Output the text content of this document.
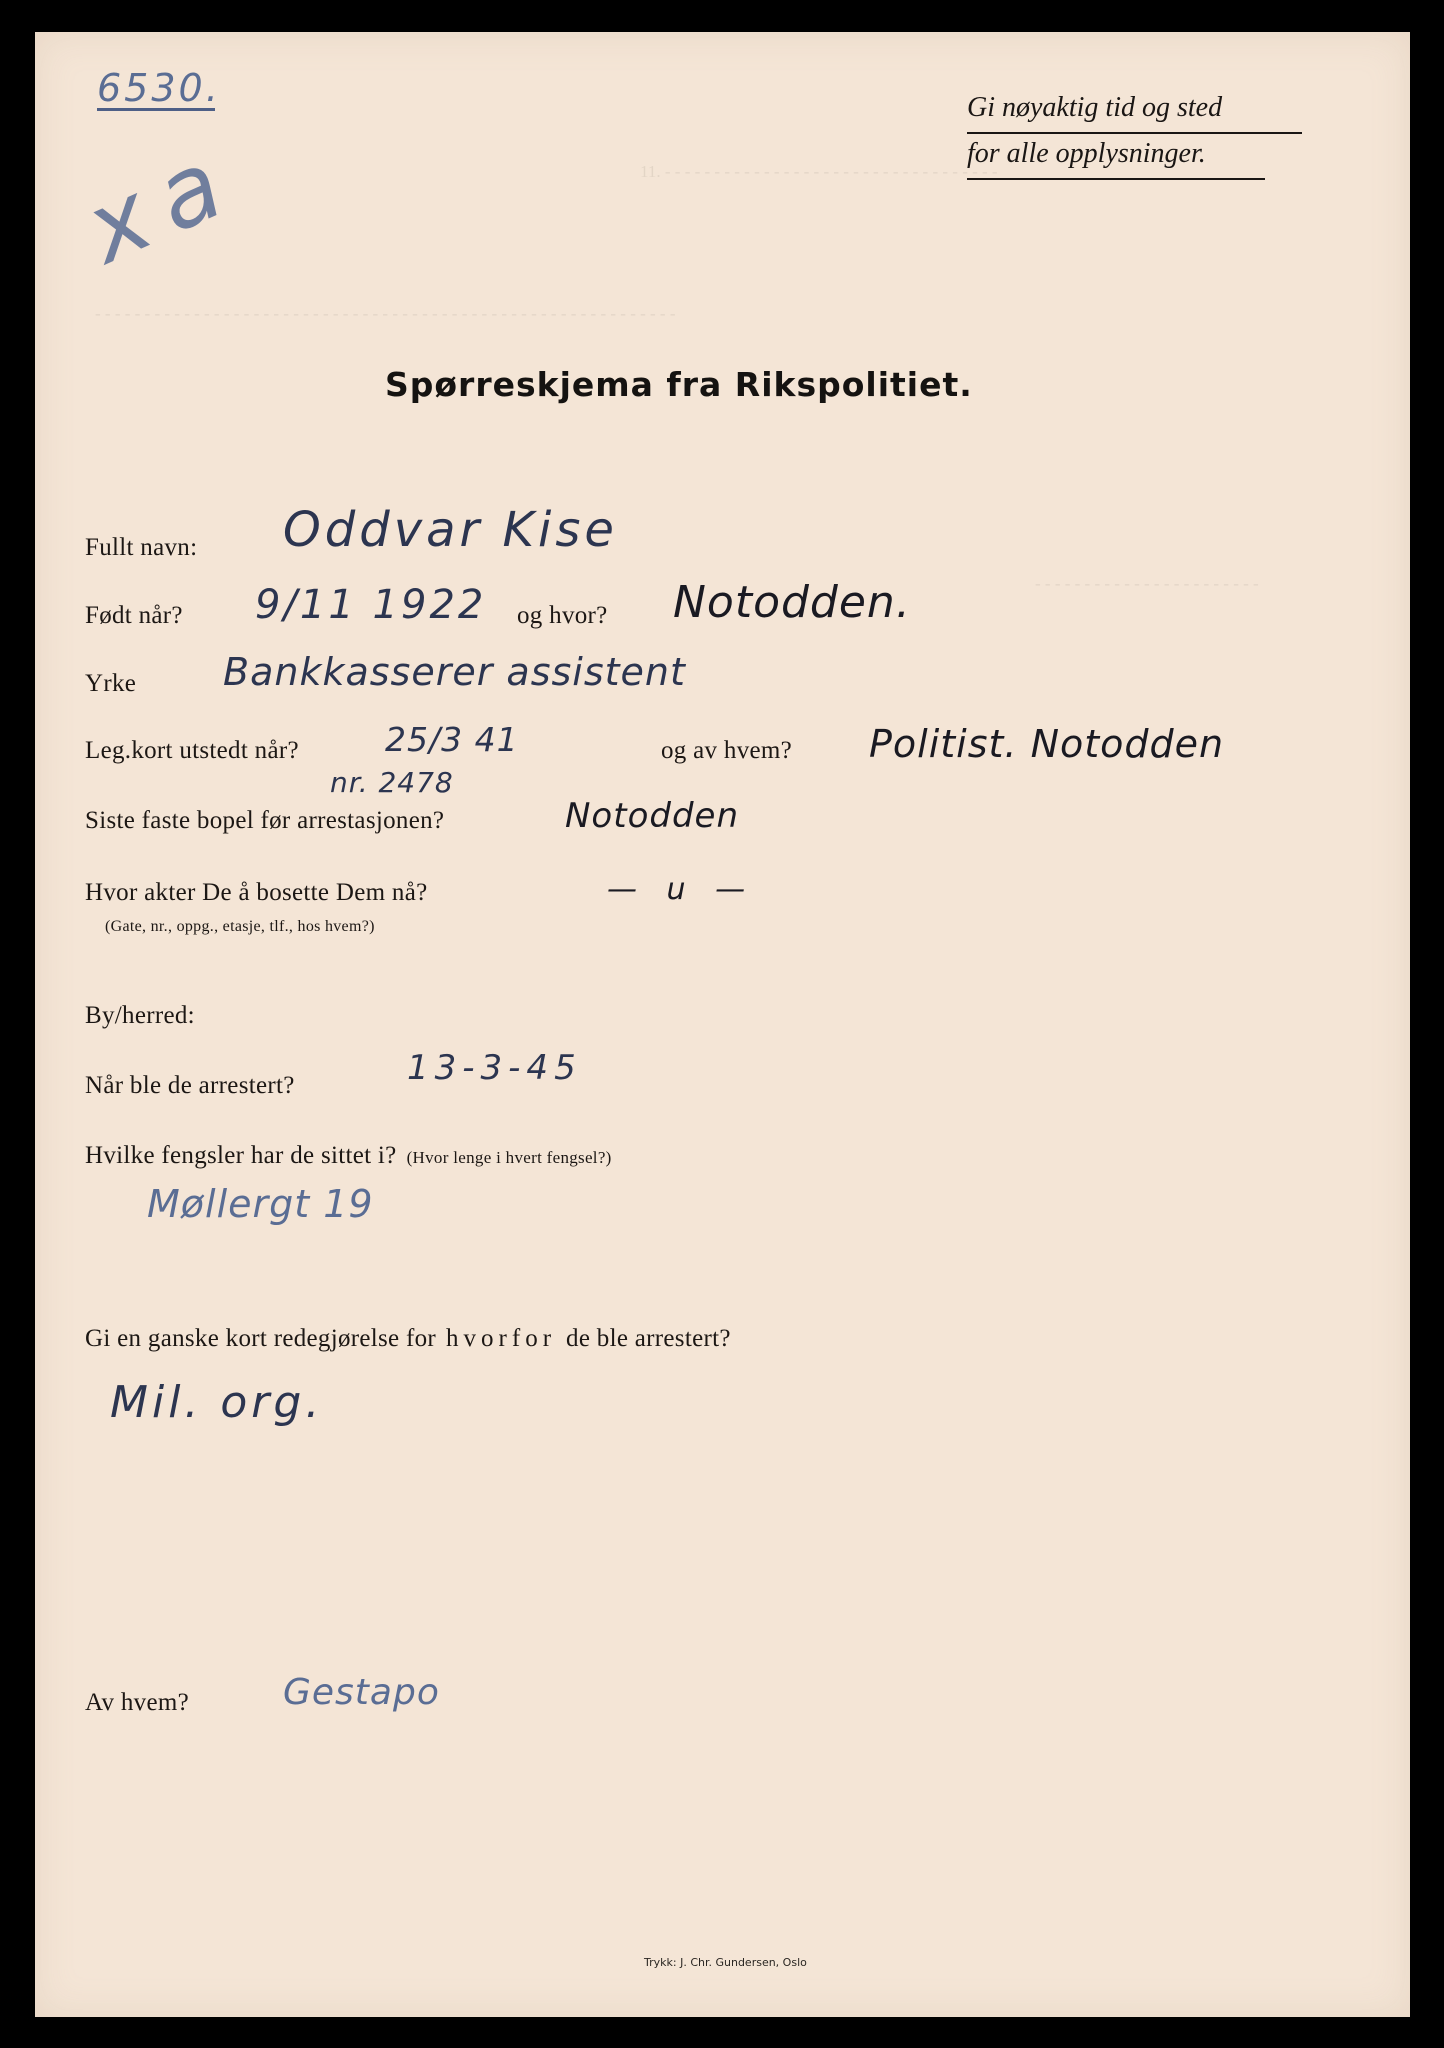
6530.
x a
Gi nøyaktig tid og sted
for alle opplysninger.
11. - - - - - - - - - - - - - - - - - - - - - - - - - - - - - - - - - -
- - - - - - - - - - - - - - - - - - - - - - - - - - - - - - - - - - - - - - - - - - - - - - - - - - - - - - - - - - -
- - - - - - - - - - - - - - - - - - - - - - -
Spørreskjema fra Rikspolitiet.
Fullt navn: Oddvar Kise
Født når? 9/11 1922 og hvor? Notodden.
Yrke Bankkasserer assistent
Leg.kort utstedt når?	25/3 41
nr. 2478
og av hvem? Politist. Notodden
Siste faste bopel før arrestasjonen?	Notodden
Hvor akter De å bosette Dem nå?
(Gate, nr., oppg., etasje, tlf., hos hvem?)
— u —
By/herred:
Når ble de arrestert?	13-3-45
Hvilke fengsler har de sittet i? (Hvor lenge i hvert fengsel?)
Møllergt 19
Gi en ganske kort redegjørelse for hvorfor de ble arrestert?
Mil. org.
Av hvem?	Gestapo
Trykk: J. Chr. Gundersen, Oslo
